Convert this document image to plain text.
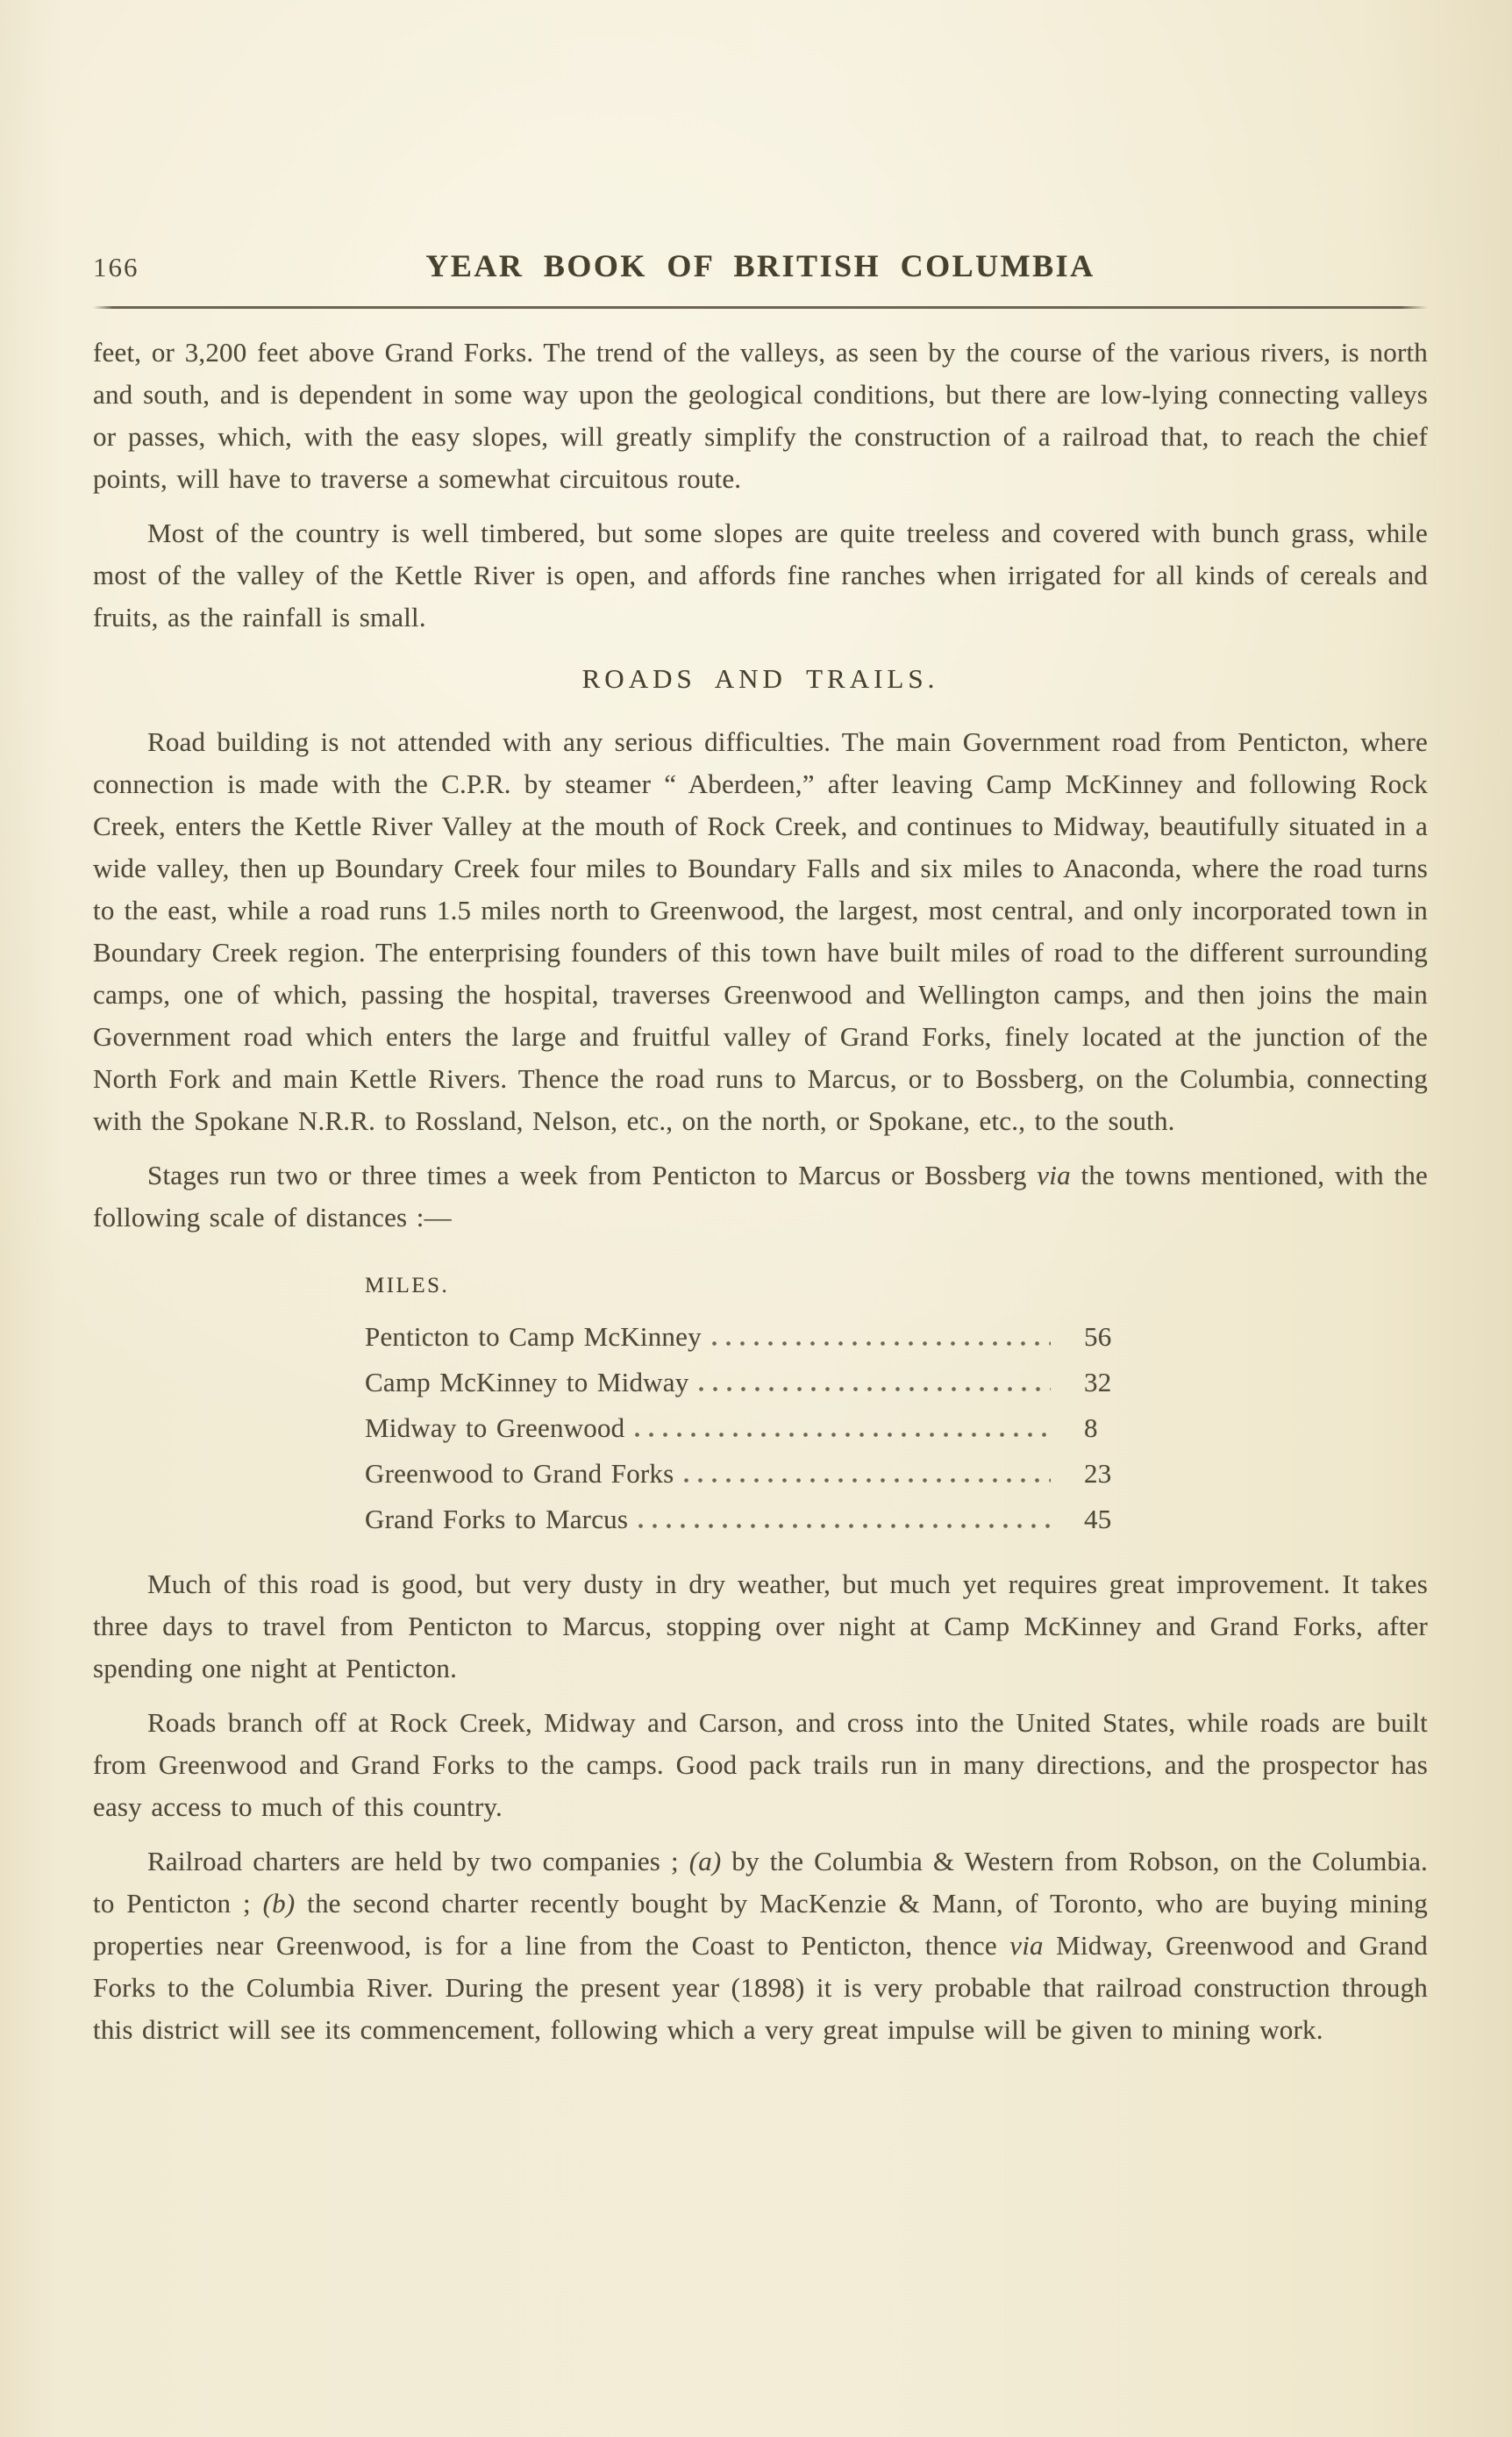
166	YEAR BOOK OF BRITISH COLUMBIA

feet, or 3,200 feet above Grand Forks. The trend of the valleys, as seen by the course of the various rivers, is north and south, and is dependent in some way upon the geological conditions, but there are low-lying connecting valleys or passes, which, with the easy slopes, will greatly simplify the construction of a railroad that, to reach the chief points, will have to traverse a somewhat circuitous route.

Most of the country is well timbered, but some slopes are quite treeless and covered with bunch grass, while most of the valley of the Kettle River is open, and affords fine ranches when irrigated for all kinds of cereals and fruits, as the rainfall is small.

ROADS AND TRAILS.

Road building is not attended with any serious difficulties. The main Government road from Penticton, where connection is made with the C.P.R. by steamer “ Aberdeen,” after leaving Camp McKinney and following Rock Creek, enters the Kettle River Valley at the mouth of Rock Creek, and continues to Midway, beautifully situated in a wide valley, then up Boundary Creek four miles to Boundary Falls and six miles to Anaconda, where the road turns to the east, while a road runs 1.5 miles north to Greenwood, the largest, most central, and only incorporated town in Boundary Creek region. The enterprising founders of this town have built miles of road to the different surrounding camps, one of which, passing the hospital, traverses Greenwood and Wellington camps, and then joins the main Government road which enters the large and fruitful valley of Grand Forks, finely located at the junction of the North Fork and main Kettle Rivers. Thence the road runs to Marcus, or to Bossberg, on the Columbia, connecting with the Spokane N.R.R. to Rossland, Nelson, etc., on the north, or Spokane, etc., to the south.

Stages run two or three times a week from Penticton to Marcus or Bossberg via the towns mentioned, with the following scale of distances :—

MILES.
Penticton to Camp McKinney	56
Camp McKinney to Midway	32
Midway to Greenwood	8
Greenwood to Grand Forks	23
Grand Forks to Marcus	45

Much of this road is good, but very dusty in dry weather, but much yet requires great improvement. It takes three days to travel from Penticton to Marcus, stopping over night at Camp McKinney and Grand Forks, after spending one night at Penticton.

Roads branch off at Rock Creek, Midway and Carson, and cross into the United States, while roads are built from Greenwood and Grand Forks to the camps. Good pack trails run in many directions, and the prospector has easy access to much of this country.

Railroad charters are held by two companies ; (a) by the Columbia & Western from Robson, on the Columbia. to Penticton ; (b) the second charter recently bought by MacKenzie & Mann, of Toronto, who are buying mining properties near Greenwood, is for a line from the Coast to Penticton, thence via Midway, Greenwood and Grand Forks to the Columbia River. During the present year (1898) it is very probable that railroad construction through this district will see its commencement, following which a very great impulse will be given to mining work.
